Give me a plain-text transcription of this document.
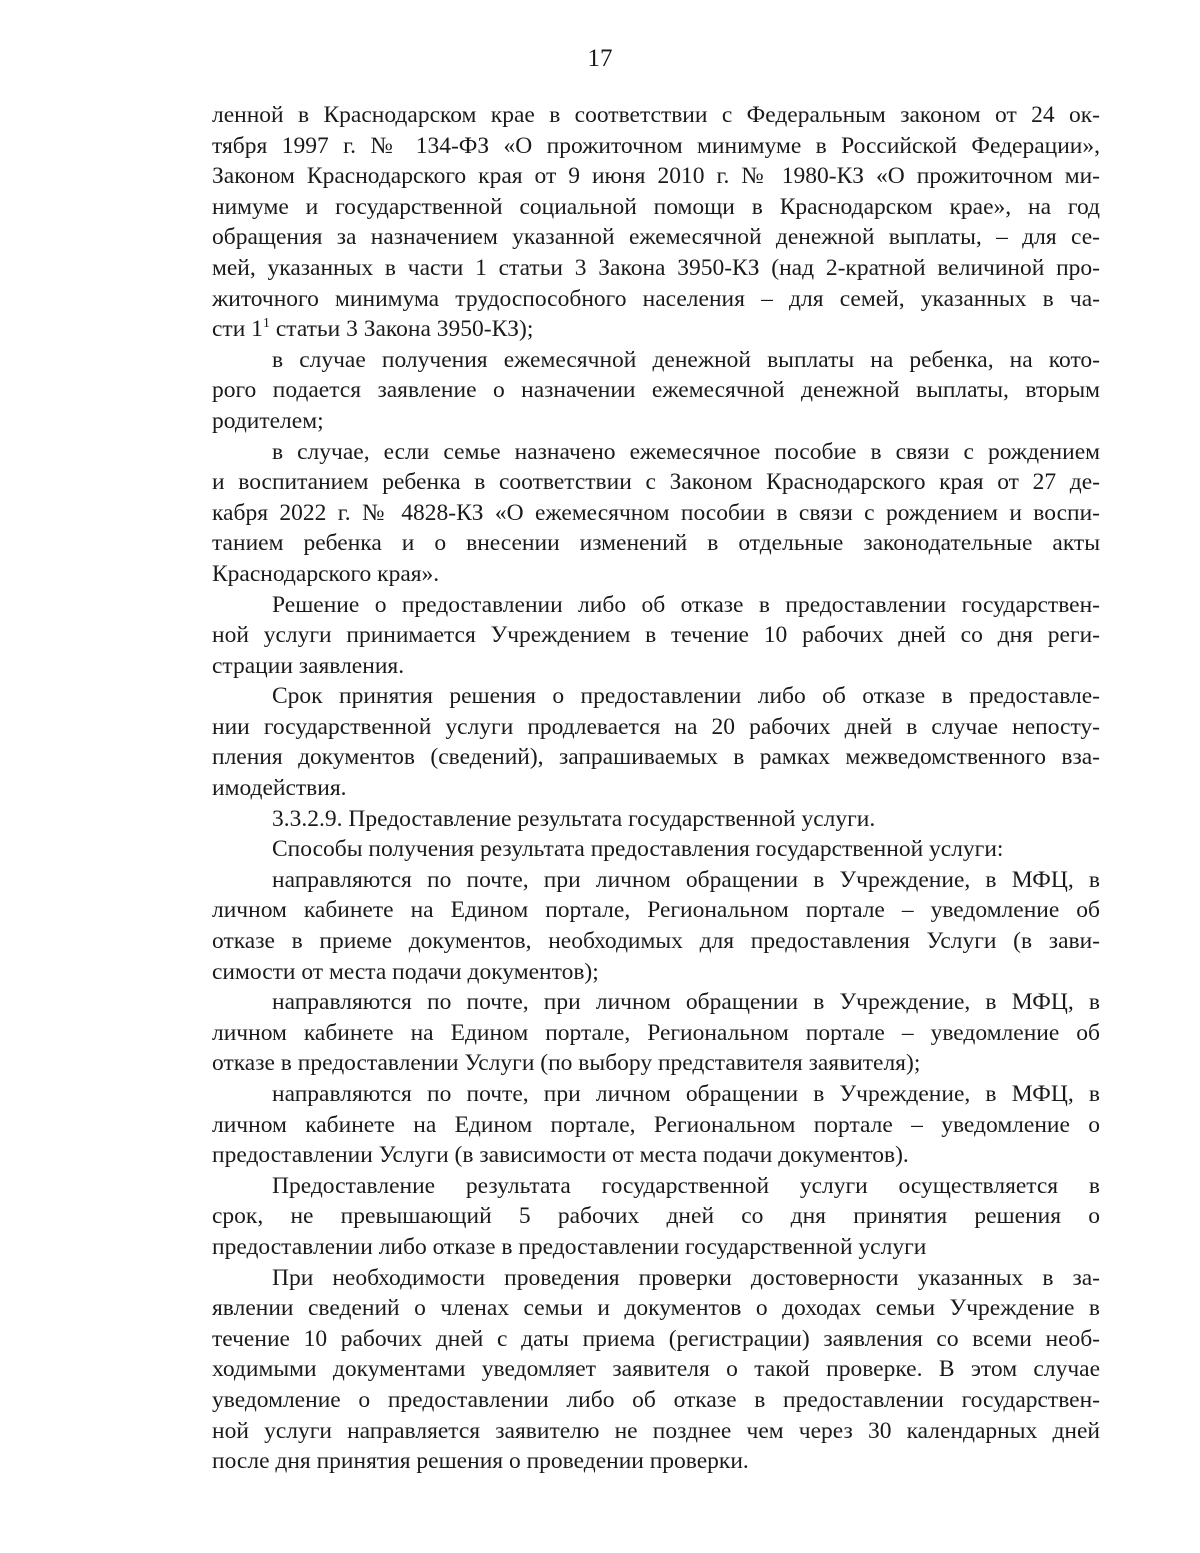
17
ленной в Краснодарском крае в соответствии с Федеральным законом от 24 ок-
тября 1997 г. № 134-ФЗ «О прожиточном минимуме в Российской Федерации»,
Законом Краснодарского края от 9 июня 2010 г. № 1980-КЗ «О прожиточном ми-
нимуме и государственной социальной помощи в Краснодарском крае», на год
обращения за назначением указанной ежемесячной денежной выплаты, – для се-
мей, указанных в части 1 статьи 3 Закона 3950-КЗ (над 2-кратной величиной про-
житочного минимума трудоспособного населения – для семей, указанных в ча-
сти $1^1$ статьи 3 Закона 3950-КЗ);
в случае получения ежемесячной денежной выплаты на ребенка, на кото-
рого подается заявление о назначении ежемесячной денежной выплаты, вторым
родителем;
в случае, если семье назначено ежемесячное пособие в связи с рождением
и воспитанием ребенка в соответствии с Законом Краснодарского края от 27 де-
кабря 2022 г. № 4828-КЗ «О ежемесячном пособии в связи с рождением и воспи-
танием ребенка и о внесении изменений в отдельные законодательные акты
Краснодарского края».
Решение о предоставлении либо об отказе в предоставлении государствен-
ной услуги принимается Учреждением в течение 10 рабочих дней со дня реги-
страции заявления.
Срок принятия решения о предоставлении либо об отказе в предоставле-
нии государственной услуги продлевается на 20 рабочих дней в случае непосту-
пления документов (сведений), запрашиваемых в рамках межведомственного вза-
имодействия.
3.3.2.9. Предоставление результата государственной услуги.
Способы получения результата предоставления государственной услуги:
направляются по почте, при личном обращении в Учреждение, в МФЦ, в
личном кабинете на Едином портале, Региональном портале – уведомление об
отказе в приеме документов, необходимых для предоставления Услуги (в зави-
симости от места подачи документов);
направляются по почте, при личном обращении в Учреждение, в МФЦ, в
личном кабинете на Едином портале, Региональном портале – уведомление об
отказе в предоставлении Услуги (по выбору представителя заявителя);
направляются по почте, при личном обращении в Учреждение, в МФЦ, в
личном кабинете на Едином портале, Региональном портале – уведомление о
предоставлении Услуги (в зависимости от места подачи документов).
Предоставление результата государственной услуги осуществляется в
срок, не превышающий 5 рабочих дней со дня принятия решения о
предоставлении либо отказе в предоставлении государственной услуги
При необходимости проведения проверки достоверности указанных в за-
явлении сведений о членах семьи и документов о доходах семьи Учреждение в
течение 10 рабочих дней с даты приема (регистрации) заявления со всеми необ-
ходимыми документами уведомляет заявителя о такой проверке. В этом случае
уведомление о предоставлении либо об отказе в предоставлении государствен-
ной услуги направляется заявителю не позднее чем через 30 календарных дней
после дня принятия решения о проведении проверки.
